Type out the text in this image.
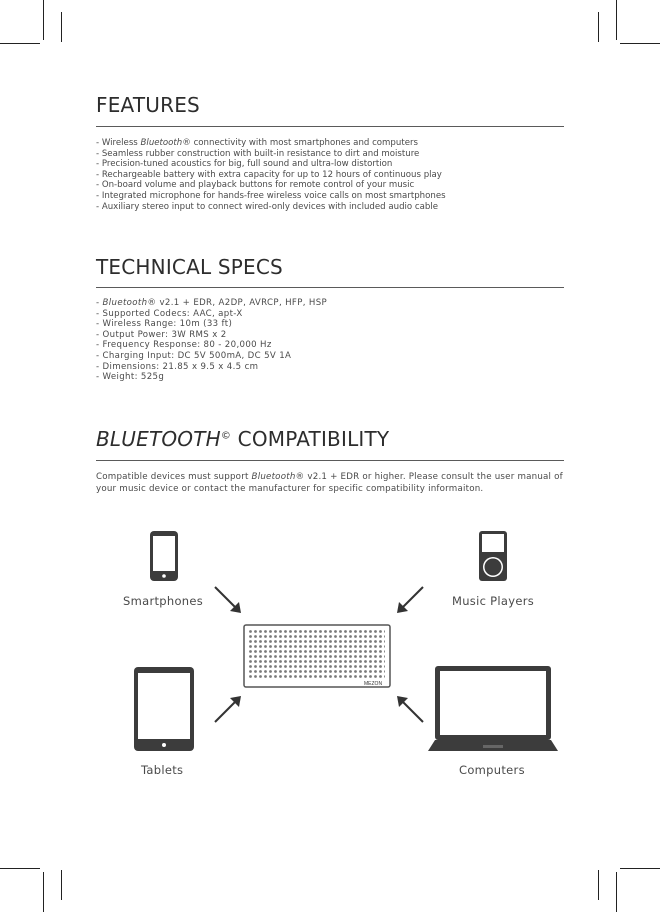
FEATURES
- Wireless Bluetooth® connectivity with most smartphones and computers
- Seamless rubber construction with built-in resistance to dirt and moisture
- Precision-tuned acoustics for big, full sound and ultra-low distortion
- Rechargeable battery with extra capacity for up to 12 hours of continuous play
- On-board volume and playback buttons for remote control of your music
- Integrated microphone for hands-free wireless voice calls on most smartphones
- Auxiliary stereo input to connect wired-only devices with included audio cable
TECHNICAL SPECS
- Bluetooth® v2.1 + EDR, A2DP, AVRCP, HFP, HSP
- Supported Codecs: AAC, apt-X
- Wireless Range: 10m (33 ft)
- Output Power: 3W RMS x 2
- Frequency Response: 80 - 20,000 Hz
- Charging Input: DC 5V 500mA, DC 5V 1A
- Dimensions: 21.85 x 9.5 x 4.5 cm
- Weight: 525g
BLUETOOTH© COMPATIBILITY

Compatible devices must support Bluetooth® v2.1 + EDR or higher. Please consult the user manual of your music device or contact the manufacturer for specific compatibility informaiton.

Smartphones	Music Players
Tablets	Computers
MEZON
